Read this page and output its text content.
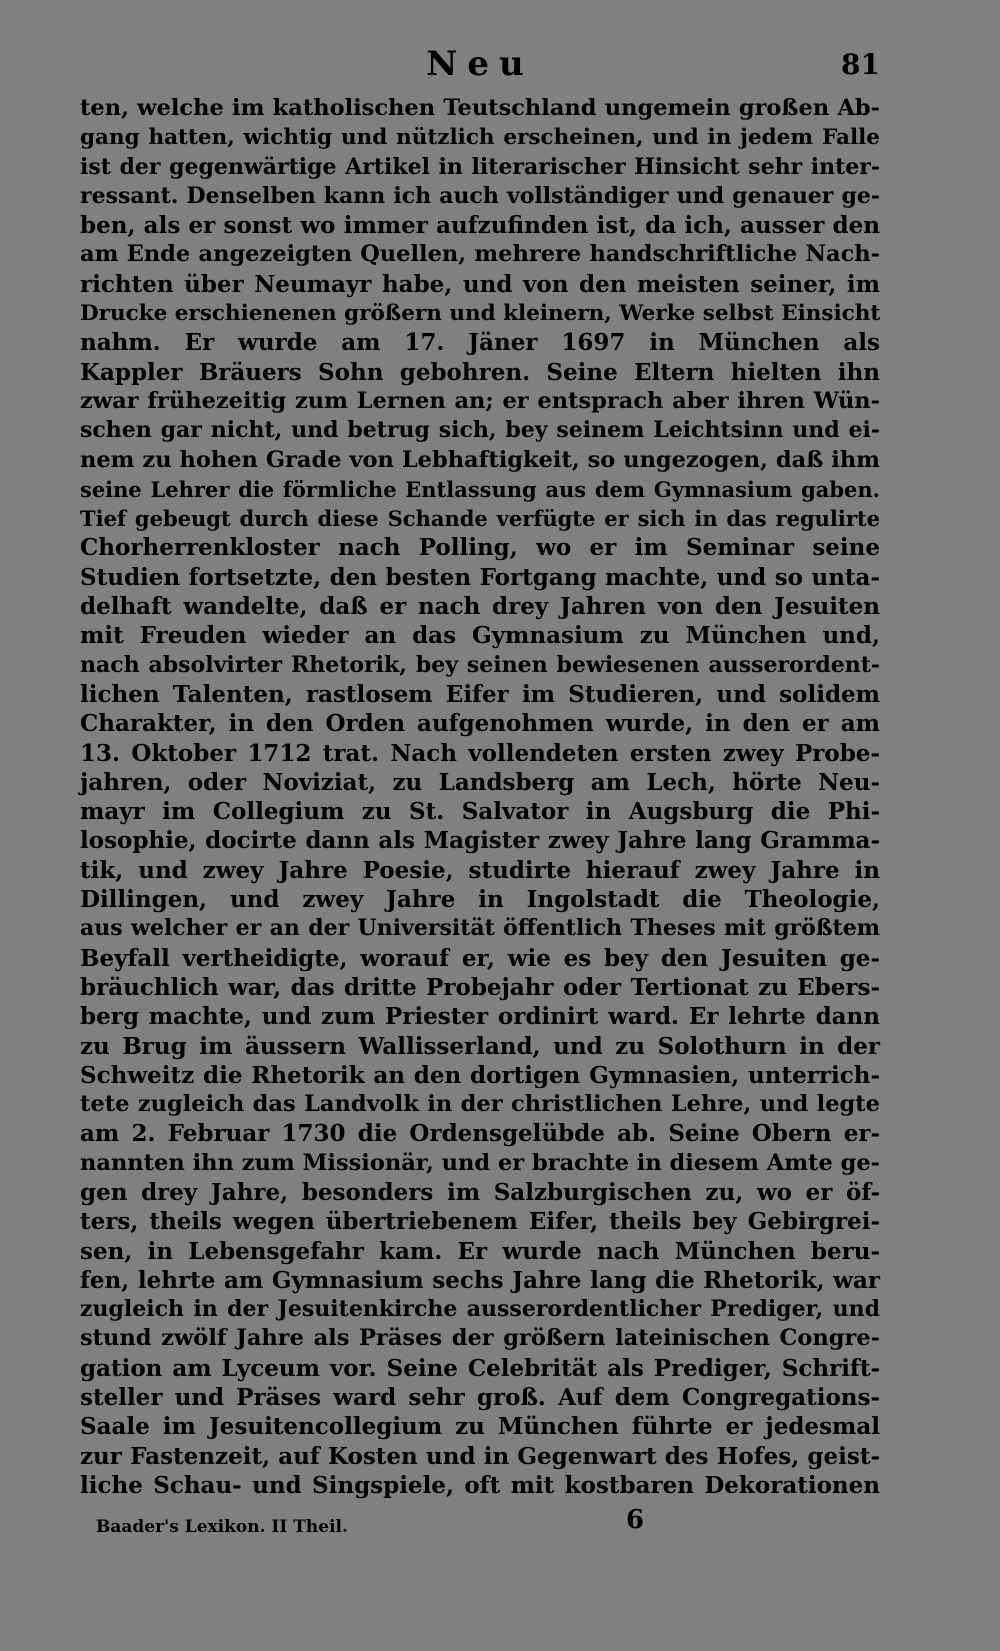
Neu	81
ten, welche im katholischen Teutschland ungemein großen Ab-
gang hatten, wichtig und nützlich erscheinen, und in jedem Falle
ist der gegenwärtige Artikel in literarischer Hinsicht sehr inter-
ressant. Denselben kann ich auch vollständiger und genauer ge-
ben, als er sonst wo immer aufzufinden ist, da ich, ausser den
am Ende angezeigten Quellen, mehrere handschriftliche Nach-
richten über Neumayr habe, und von den meisten seiner, im
Drucke erschienenen größern und kleinern, Werke selbst Einsicht
nahm. Er wurde am 17. Jäner 1697 in München als
Kappler Bräuers Sohn gebohren. Seine Eltern hielten ihn
zwar frühezeitig zum Lernen an; er entsprach aber ihren Wün-
schen gar nicht, und betrug sich, bey seinem Leichtsinn und ei-
nem zu hohen Grade von Lebhaftigkeit, so ungezogen, daß ihm
seine Lehrer die förmliche Entlassung aus dem Gymnasium gaben.
Tief gebeugt durch diese Schande verfügte er sich in das regulirte
Chorherrenkloster nach Polling, wo er im Seminar seine
Studien fortsetzte, den besten Fortgang machte, und so unta-
delhaft wandelte, daß er nach drey Jahren von den Jesuiten
mit Freuden wieder an das Gymnasium zu München und,
nach absolvirter Rhetorik, bey seinen bewiesenen ausserordent-
lichen Talenten, rastlosem Eifer im Studieren, und solidem
Charakter, in den Orden aufgenohmen wurde, in den er am
13. Oktober 1712 trat. Nach vollendeten ersten zwey Probe-
jahren, oder Noviziat, zu Landsberg am Lech, hörte Neu-
mayr im Collegium zu St. Salvator in Augsburg die Phi-
losophie, docirte dann als Magister zwey Jahre lang Gramma-
tik, und zwey Jahre Poesie, studirte hierauf zwey Jahre in
Dillingen, und zwey Jahre in Ingolstadt die Theologie,
aus welcher er an der Universität öffentlich Theses mit größtem
Beyfall vertheidigte, worauf er, wie es bey den Jesuiten ge-
bräuchlich war, das dritte Probejahr oder Tertionat zu Ebers-
berg machte, und zum Priester ordinirt ward. Er lehrte dann
zu Brug im äussern Wallisserland, und zu Solothurn in der
Schweitz die Rhetorik an den dortigen Gymnasien, unterrich-
tete zugleich das Landvolk in der christlichen Lehre, und legte
am 2. Februar 1730 die Ordensgelübde ab. Seine Obern er-
nannten ihn zum Missionär, und er brachte in diesem Amte ge-
gen drey Jahre, besonders im Salzburgischen zu, wo er öf-
ters, theils wegen übertriebenem Eifer, theils bey Gebirgrei-
sen, in Lebensgefahr kam. Er wurde nach München beru-
fen, lehrte am Gymnasium sechs Jahre lang die Rhetorik, war
zugleich in der Jesuitenkirche ausserordentlicher Prediger, und
stund zwölf Jahre als Präses der größern lateinischen Congre-
gation am Lyceum vor. Seine Celebrität als Prediger, Schrift-
steller und Präses ward sehr groß. Auf dem Congregations-
Saale im Jesuitencollegium zu München führte er jedesmal
zur Fastenzeit, auf Kosten und in Gegenwart des Hofes, geist-
liche Schau- und Singspiele, oft mit kostbaren Dekorationen
Baader's Lexikon. II Theil.	6
